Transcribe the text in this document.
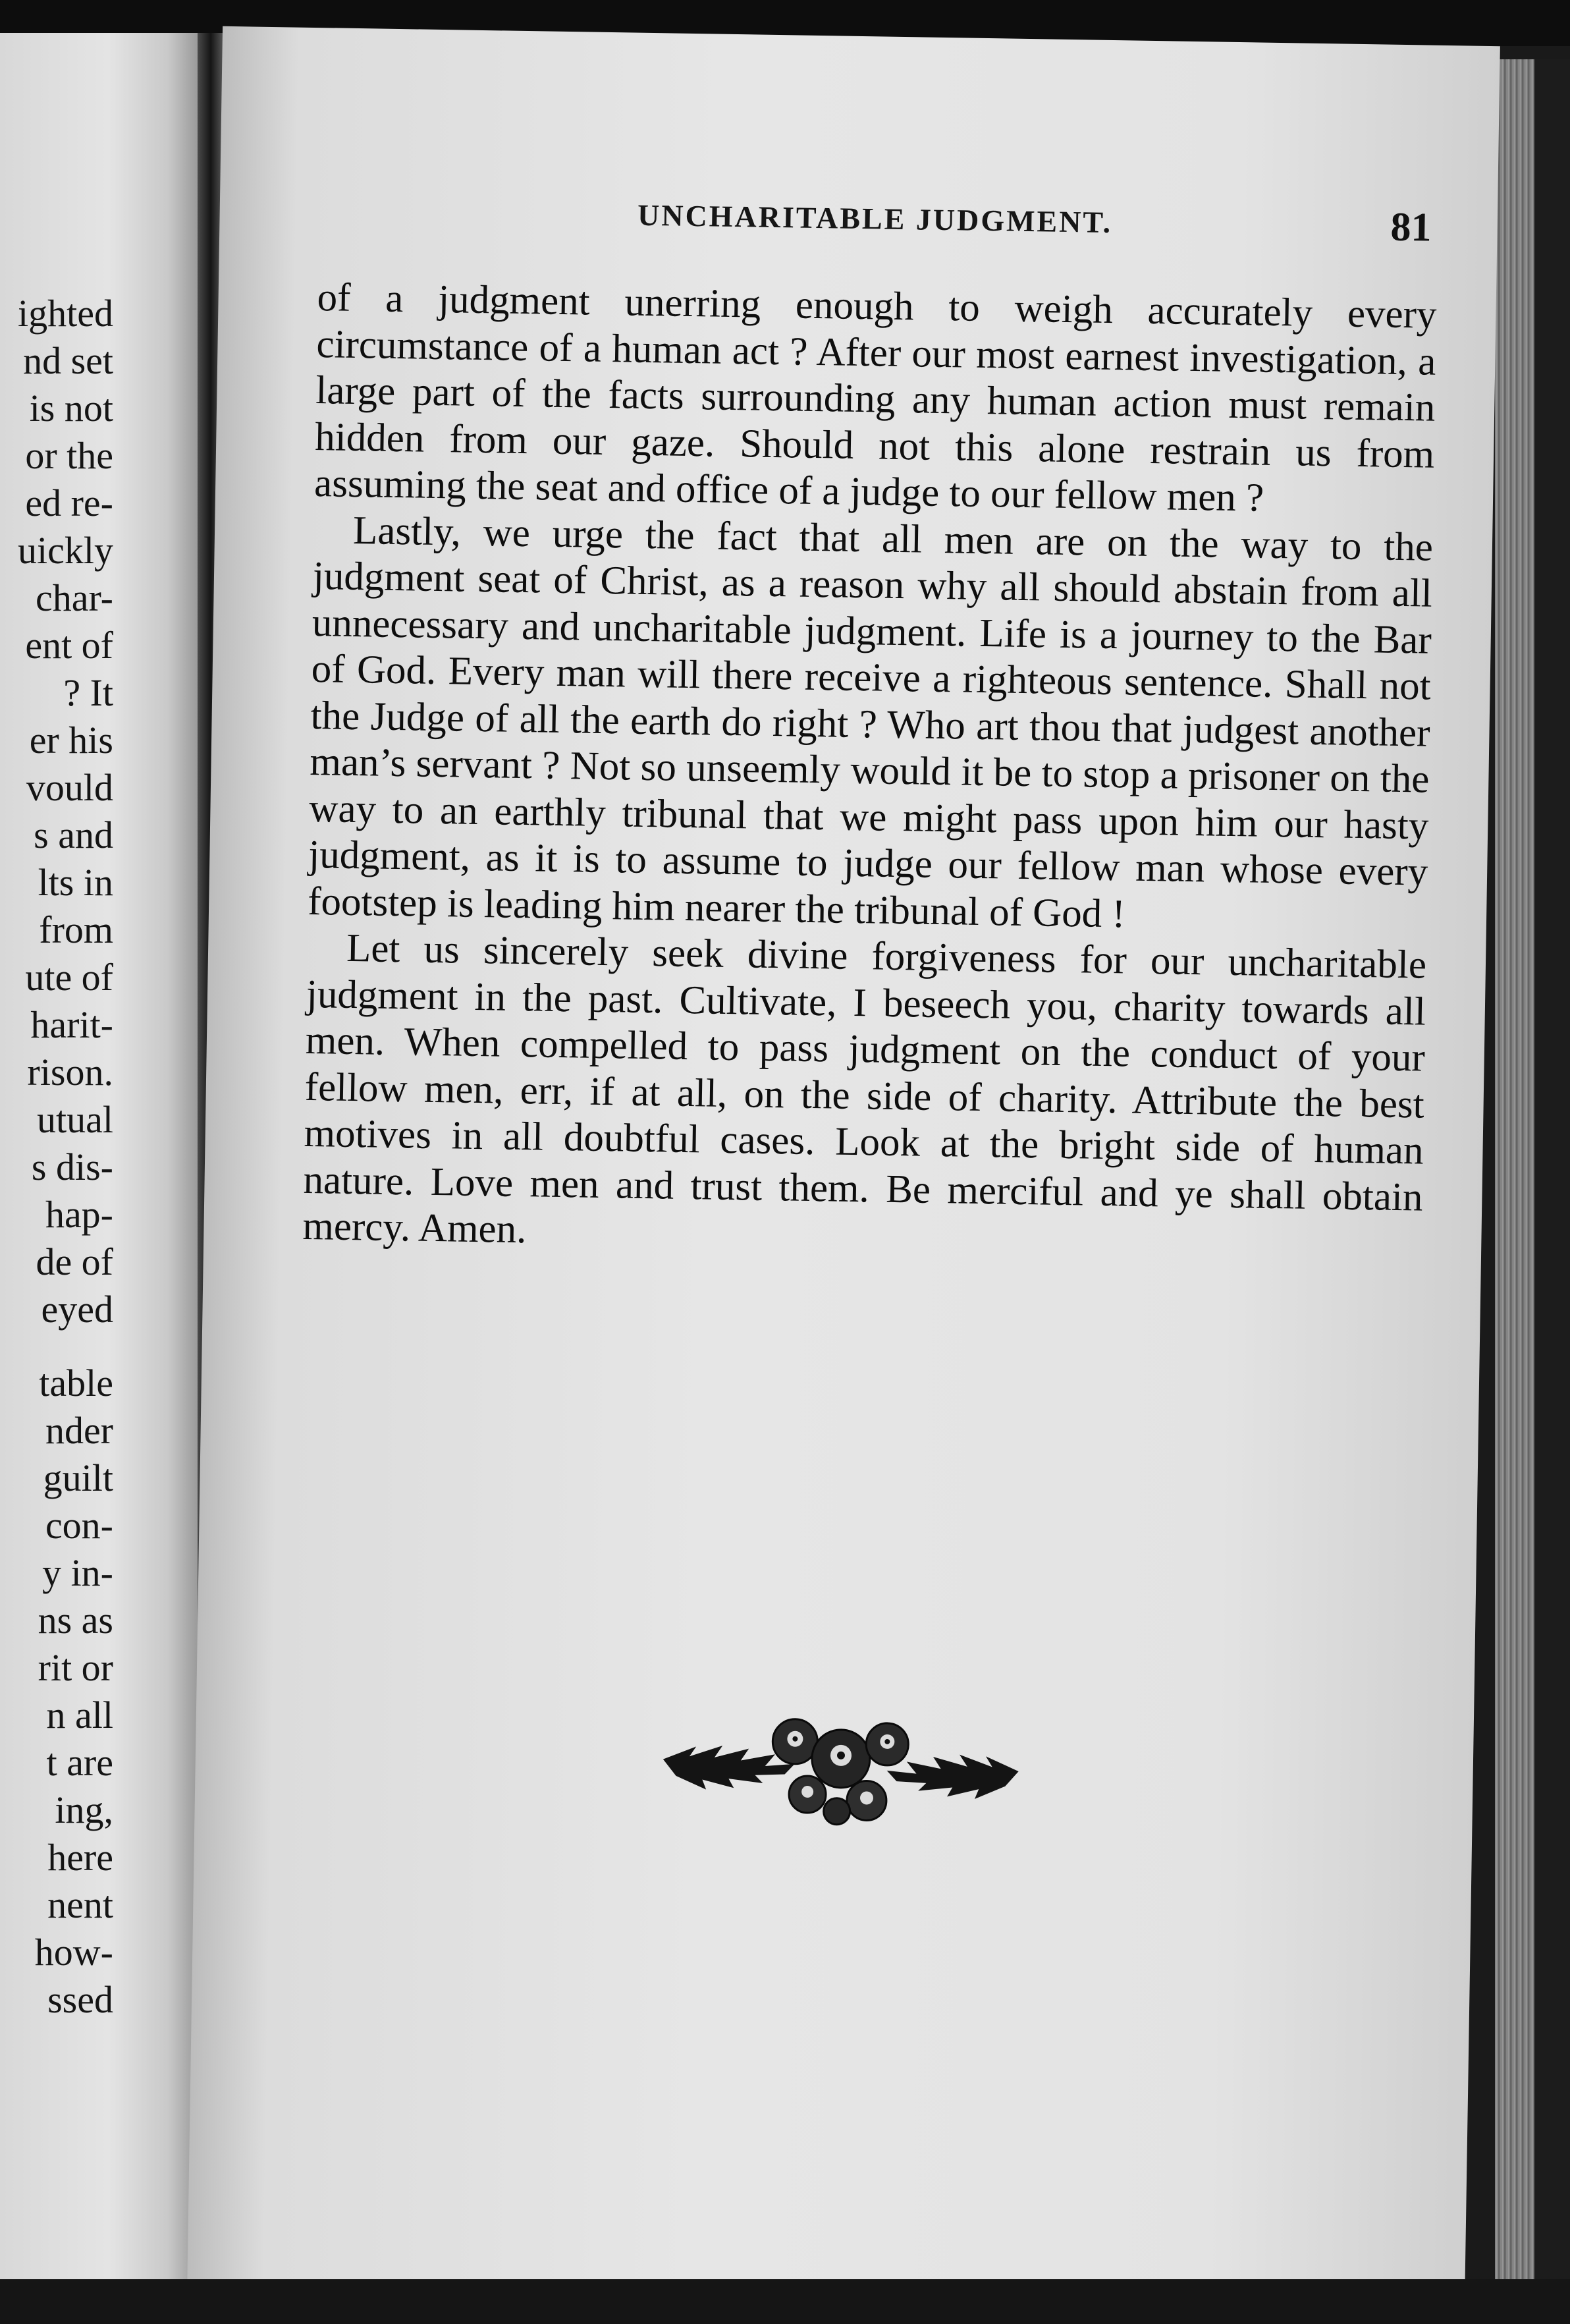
ighted
nd set
is not
or the
ed re-
uickly
char-
ent of
? It
er his
vould
s and
lts in
from
ute of
harit-
rison.
utual
s dis-
hap-
de of
eyed
table
nder
guilt
con-
y in-
ns as
rit or
n all
t are
ing,
here
nent
how-
ssed
UNCHARITABLE JUDGMENT.	81

of a judgment unerring enough to weigh accurately every circumstance of a human act ? After our most earnest investigation, a large part of the facts surrounding any human action must remain hidden from our gaze. Should not this alone restrain us from assuming the seat and office of a judge to our fellow men ?

Lastly, we urge the fact that all men are on the way to the judgment seat of Christ, as a reason why all should abstain from all unnecessary and uncharitable judgment. Life is a journey to the Bar of God. Every man will there receive a righteous sentence. Shall not the Judge of all the earth do right ? Who art thou that judgest another man’s servant ? Not so unseemly would it be to stop a prisoner on the way to an earthly tribunal that we might pass upon him our hasty judgment, as it is to assume to judge our fellow man whose every footstep is leading him nearer the tribunal of God !

Let us sincerely seek divine forgiveness for our uncharitable judgment in the past. Cultivate, I beseech you, charity towards all men. When compelled to pass judgment on the conduct of your fellow men, err, if at all, on the side of charity. Attribute the best motives in all doubtful cases. Look at the bright side of human nature. Love men and trust them. Be merciful and ye shall obtain mercy. Amen.
